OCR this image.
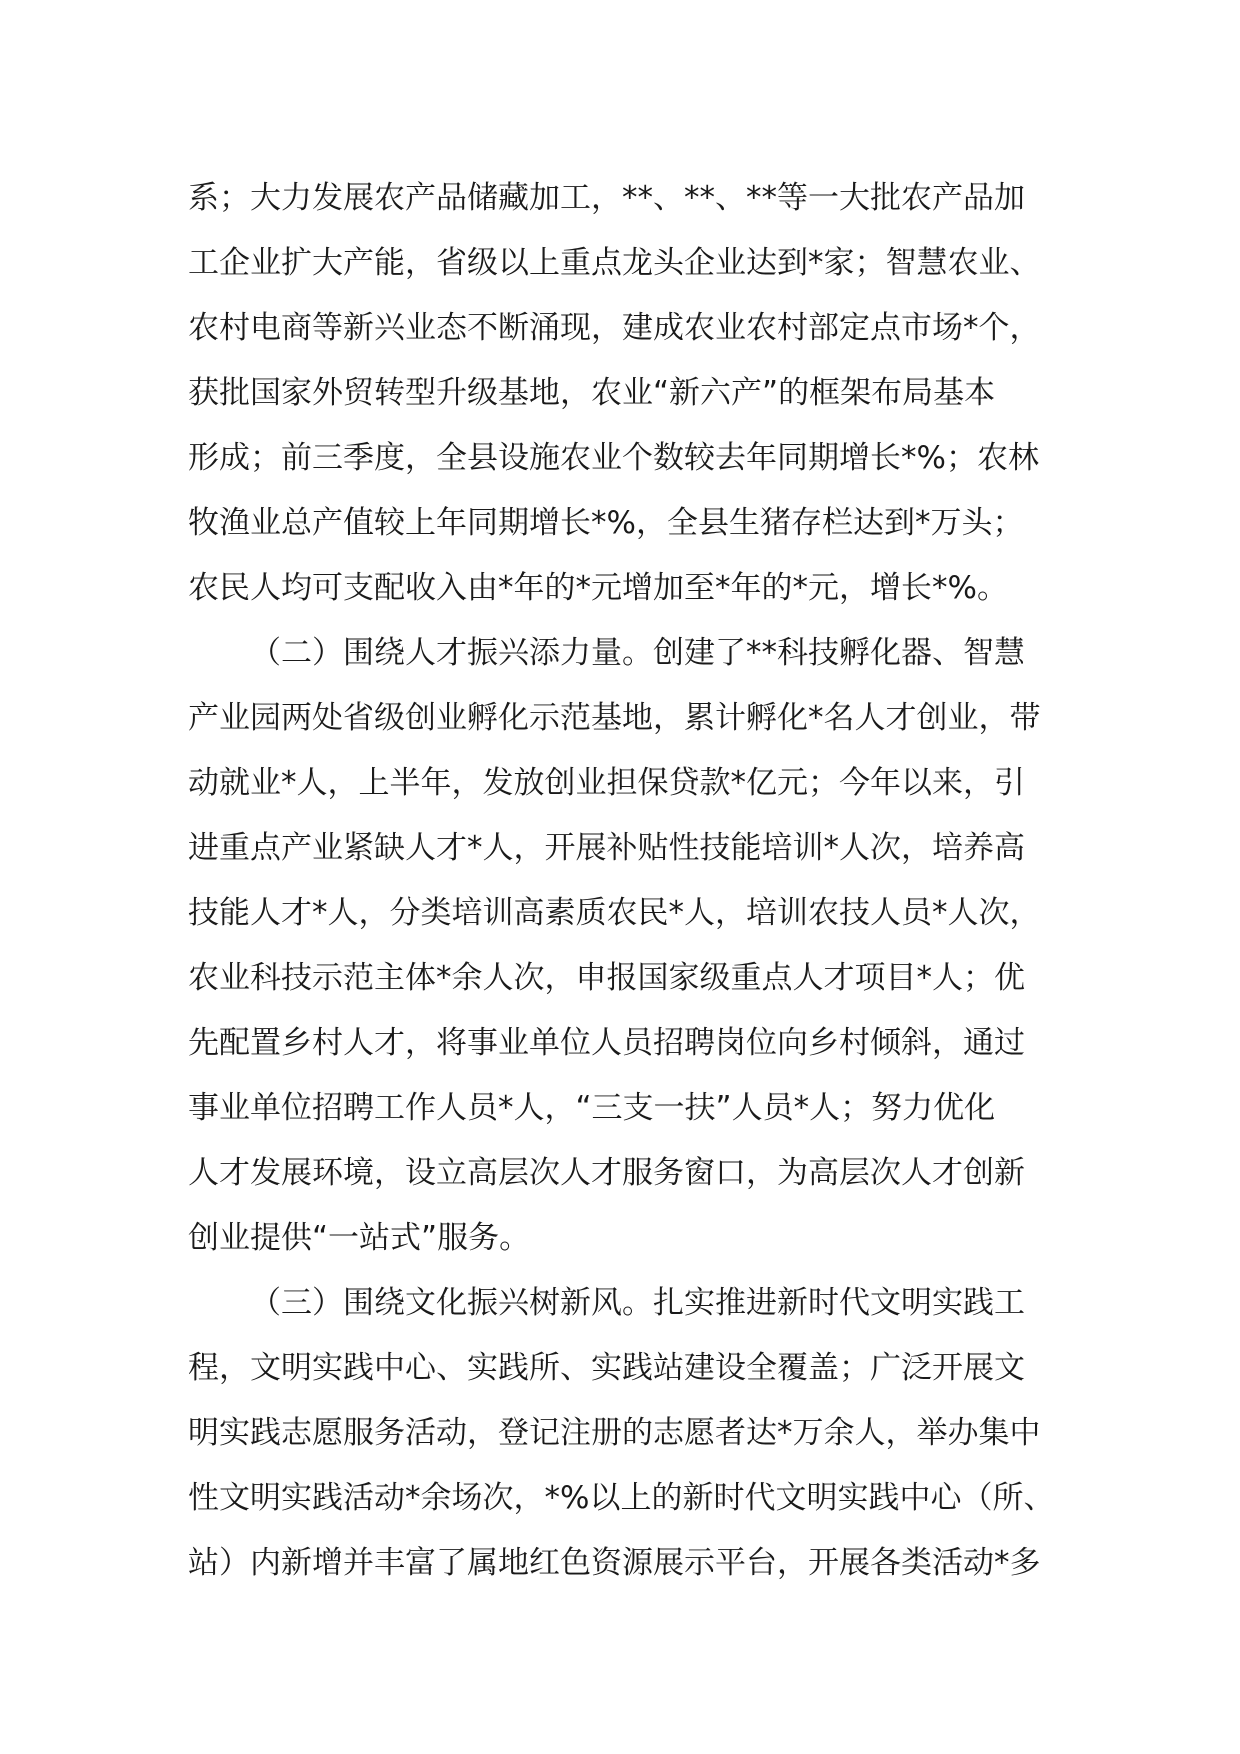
系；大力发展农产品储藏加工，**、**、**等一大批农产品加
工企业扩大产能，省级以上重点龙头企业达到*家；智慧农业、
农村电商等新兴业态不断涌现，建成农业农村部定点市场*个，
获批国家外贸转型升级基地，农业“新六产”的框架布局基本
形成；前三季度，全县设施农业个数较去年同期增长*%；农林
牧渔业总产值较上年同期增长*%，全县生猪存栏达到*万头；
农民人均可支配收入由*年的*元增加至*年的*元，增长*%。
（二）围绕人才振兴添力量。创建了**科技孵化器、智慧
产业园两处省级创业孵化示范基地，累计孵化*名人才创业，带
动就业*人，上半年，发放创业担保贷款*亿元；今年以来，引
进重点产业紧缺人才*人，开展补贴性技能培训*人次，培养高
技能人才*人，分类培训高素质农民*人，培训农技人员*人次，
农业科技示范主体*余人次，申报国家级重点人才项目*人；优
先配置乡村人才，将事业单位人员招聘岗位向乡村倾斜，通过
事业单位招聘工作人员*人，“三支一扶”人员*人；努力优化
人才发展环境，设立高层次人才服务窗口，为高层次人才创新
创业提供“一站式”服务。
（三）围绕文化振兴树新风。扎实推进新时代文明实践工
程，文明实践中心、实践所、实践站建设全覆盖；广泛开展文
明实践志愿服务活动，登记注册的志愿者达*万余人，举办集中
性文明实践活动*余场次，*%以上的新时代文明实践中心（所、
站）内新增并丰富了属地红色资源展示平台，开展各类活动*多
